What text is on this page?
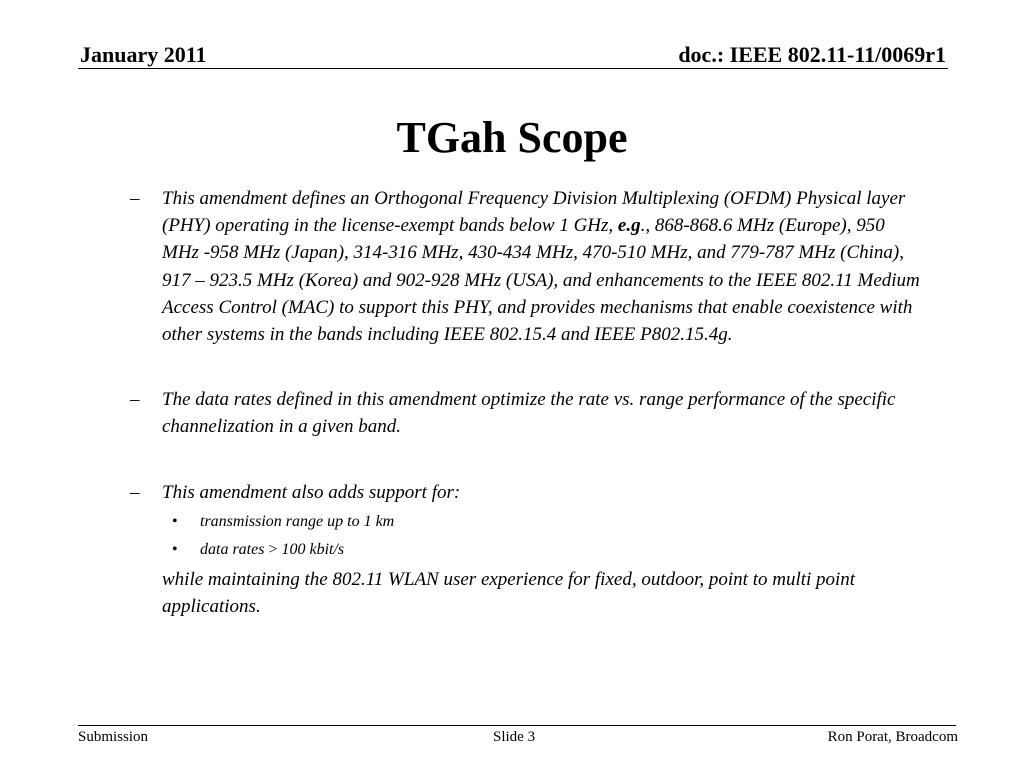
January 2011	doc.: IEEE 802.11-11/0069r1
TGah Scope
– This amendment defines an Orthogonal Frequency Division Multiplexing (OFDM) Physical layer (PHY) operating in the license-exempt bands below 1 GHz, e.g., 868-868.6 MHz (Europe), 950 MHz -958 MHz (Japan), 314-316 MHz, 430-434 MHz, 470-510 MHz, and 779-787 MHz (China), 917 – 923.5 MHz (Korea) and 902-928 MHz (USA), and enhancements to the IEEE 802.11 Medium Access Control (MAC) to support this PHY, and provides mechanisms that enable coexistence with other systems in the bands including IEEE 802.15.4 and IEEE P802.15.4g.
– The data rates defined in this amendment optimize the rate vs. range performance of the specific channelization in a given band.
– This amendment also adds support for:
• transmission range up to 1 km
• data rates > 100 kbit/s
while maintaining the 802.11 WLAN user experience for fixed, outdoor, point to multi point applications.
Submission	Slide 3	Ron Porat, Broadcom
